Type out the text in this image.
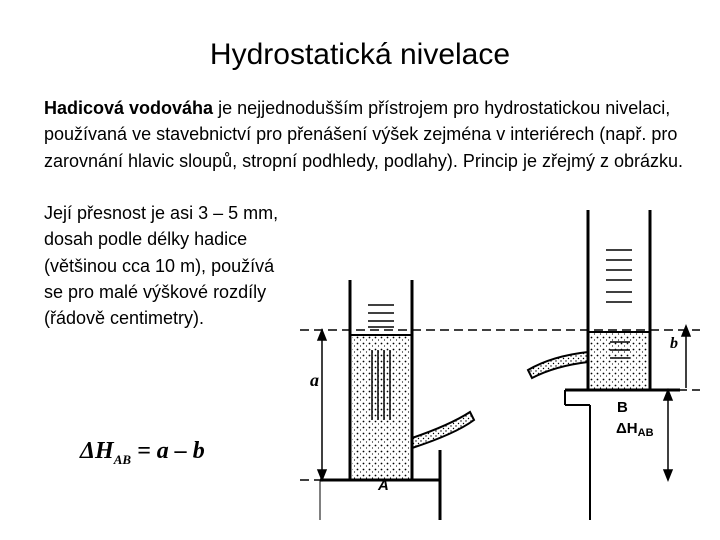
Hydrostatická nivelace
Hadicová vodováha je nejjednodušším přístrojem pro hydrostatickou nivelaci, používaná ve stavebnictví pro přenášení výšek zejména v interiérech (např. pro zarovnání hlavic sloupů, stropní podhledy, podlahy). Princip je zřejmý z obrázku.
Její přesnost je asi 3 – 5 mm, dosah podle délky hadice (většinou cca 10 m), používá se pro malé výškové rozdíly (řádově centimetry).
$\Delta H_{AB} = a - b$
a
b
$\Delta H_{AB}$
B
A
